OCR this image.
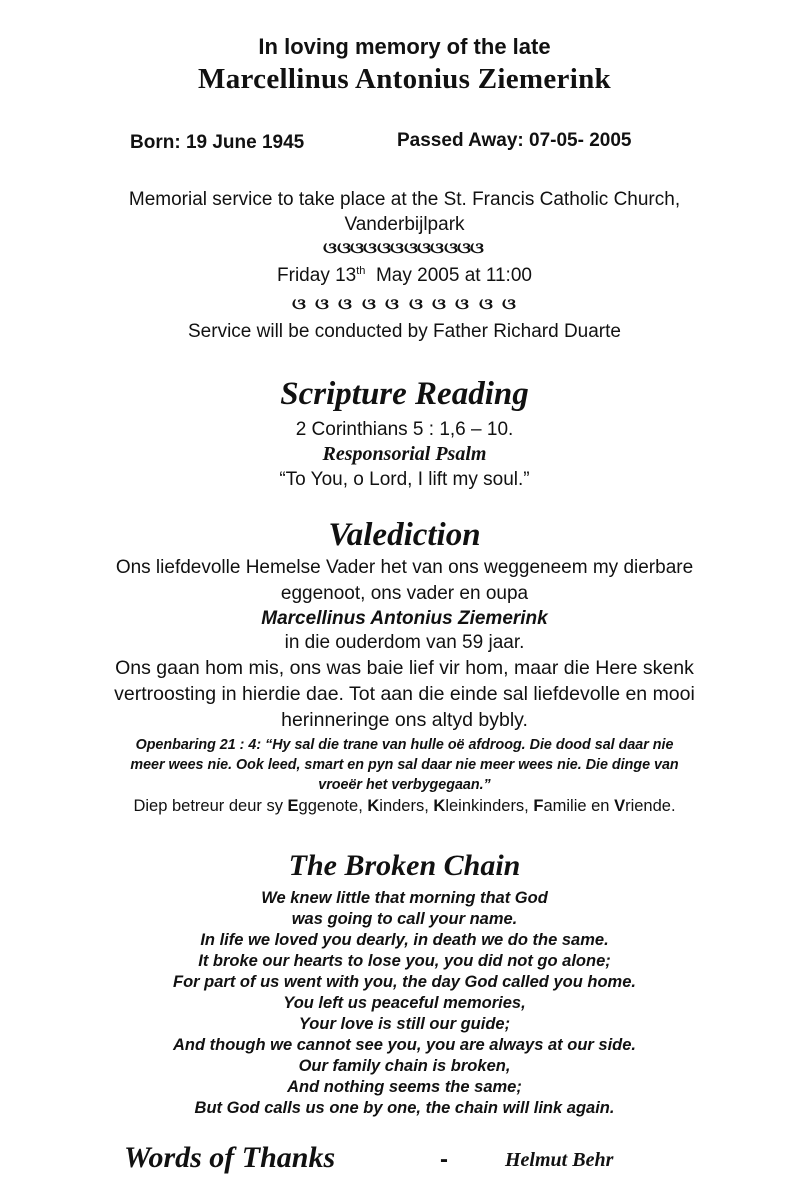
In loving memory of the late
Marcellinus Antonius Ziemerink
Born: 19 June 1945	Passed Away: 07-05- 2005
Memorial service to take place at the St. Francis Catholic Church,
Vanderbijlpark
ଓଓଓଓଓଓଓଓଓଓଓଓ
Friday 13th May 2005 at 11:00
ଓ ଓ ଓ ଓ ଓ ଓ ଓ ଓ ଓ ଓ
Service will be conducted by Father Richard Duarte
Scripture Reading
2 Corinthians 5 : 1,6 – 10.
Responsorial Psalm
“To You, o Lord, I lift my soul.”
Valediction
Ons liefdevolle Hemelse Vader het van ons weggeneem my dierbare
eggenoot, ons vader en oupa
Marcellinus Antonius Ziemerink
in die ouderdom van 59 jaar.
Ons gaan hom mis, ons was baie lief vir hom, maar die Here skenk
vertroosting in hierdie dae. Tot aan die einde sal liefdevolle en mooi
herinneringe ons altyd bybly.
Openbaring 21 : 4: “Hy sal die trane van hulle oë afdroog. Die dood sal daar nie
meer wees nie. Ook leed, smart en pyn sal daar nie meer wees nie. Die dinge van
vroeër het verbygegaan.”
Diep betreur deur sy Eggenote, Kinders, Kleinkinders, Familie en Vriende.
The Broken Chain
We knew little that morning that God
was going to call your name.
In life we loved you dearly, in death we do the same.
It broke our hearts to lose you, you did not go alone;
For part of us went with you, the day God called you home.
You left us peaceful memories,
Your love is still our guide;
And though we cannot see you, you are always at our side.
Our family chain is broken,
And nothing seems the same;
But God calls us one by one, the chain will link again.
Words of Thanks	-	Helmut Behr
